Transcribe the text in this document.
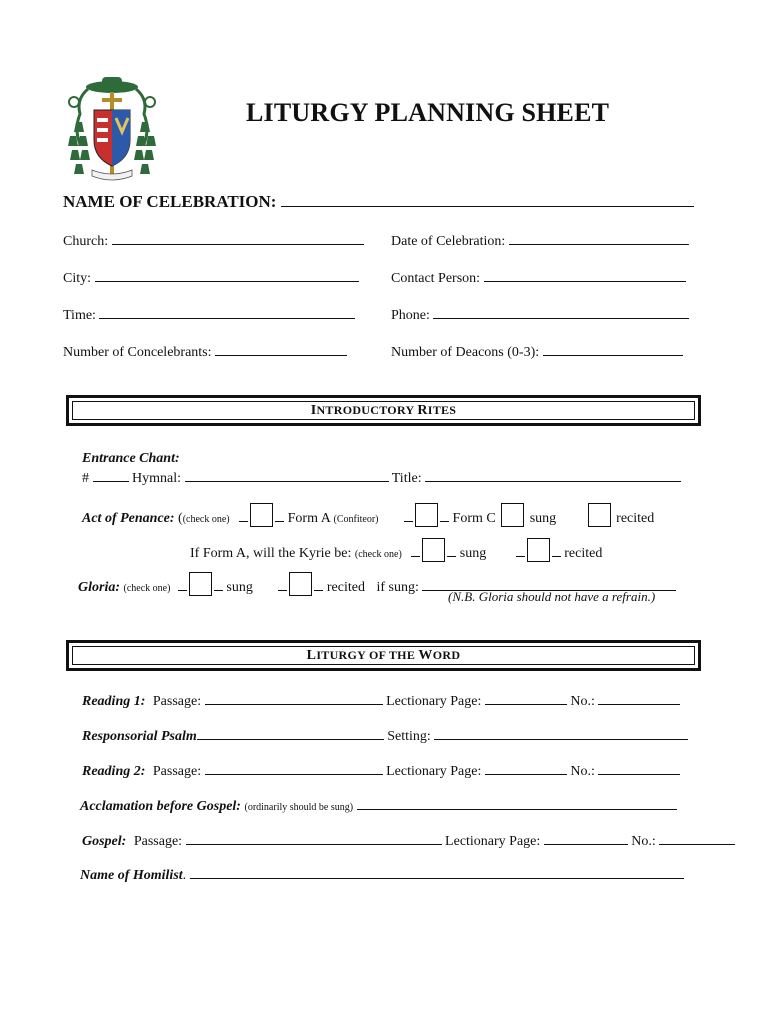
LITURGY PLANNING SHEET
NAME OF CELEBRATION:
Church:	Date of Celebration:
City:	Contact Person:
Time:	Phone:
Number of Concelebrants:	Number of Deacons (0-3):
I NTRODUCTORY R ITES
Entrance Chant:
#	Hymnal:	Title:
Act of Penance: ((check one)	Form A (Confiteor)	Form C sung	recited
If Form A, will the Kyrie be: (check one)	sung	recited
Gloria: (check one)	sung	recited if sung:
(N.B. Gloria should not have a refrain.)
L ITURGY OF THE W ORD
Reading 1: Passage:	Lectionary Page:	No.:
Responsorial Psalm	Setting:
Reading 2: Passage:	Lectionary Page:	No.:
Acclamation before Gospel: (ordinarily should be sung)
Gospel: Passage:	Lectionary Page:	No.:
Name of Homilist.
